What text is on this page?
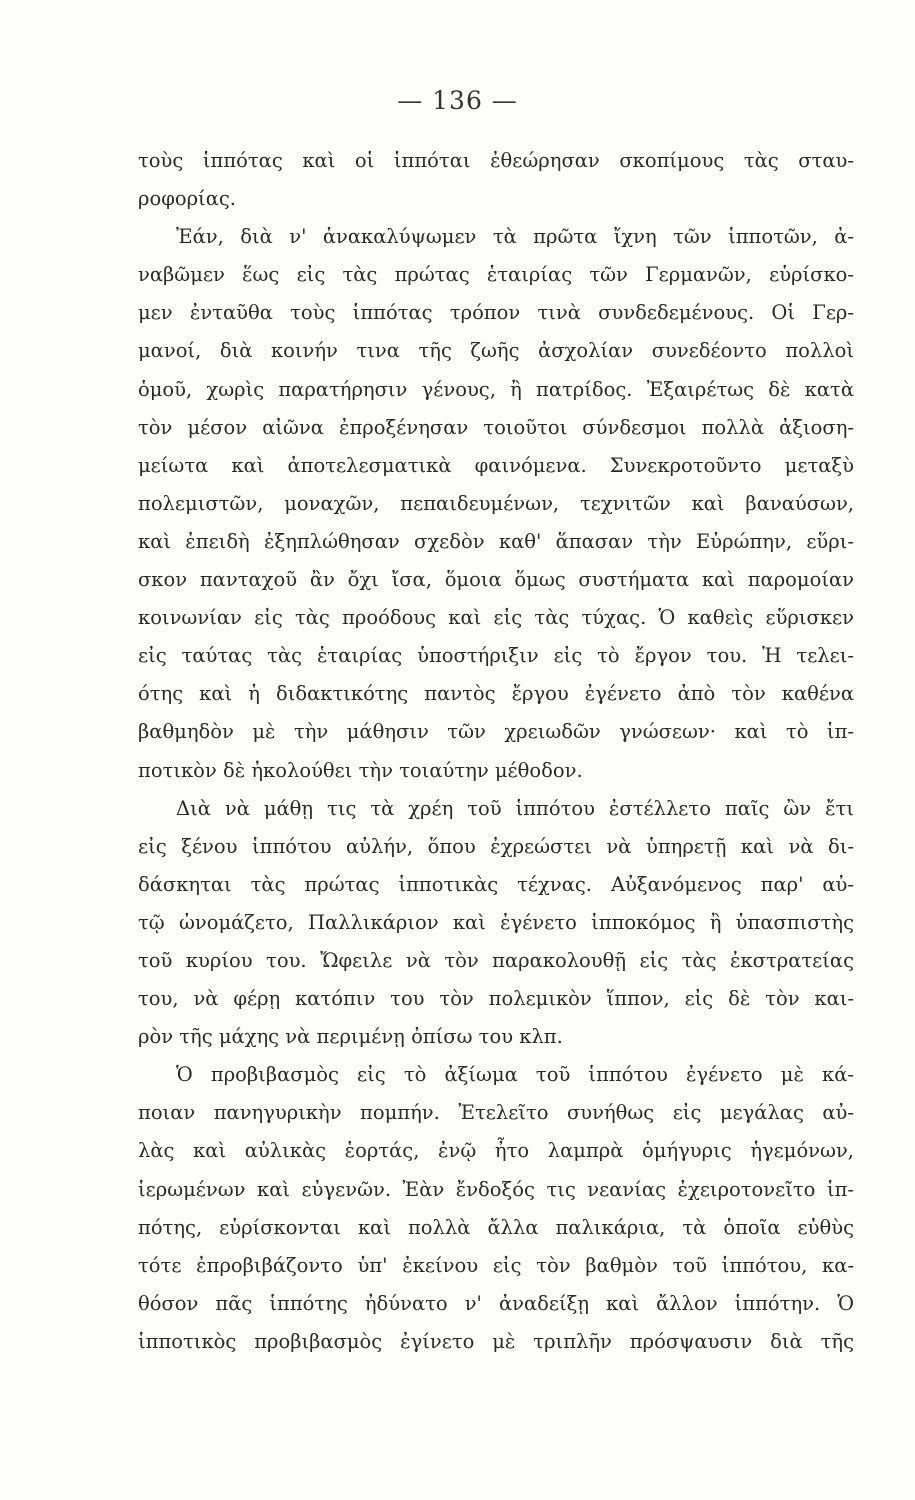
— 136 —
τοὺς ἱππότας καὶ οἱ ἱππόται ἐθεώρησαν σκοπίμους τὰς σταυ-
ροφορίας.
Ἐάν, διὰ ν' ἀνακαλύψωμεν τὰ πρῶτα ἴχνη τῶν ἱπποτῶν, ἀ-
ναβῶμεν ἕως εἰς τὰς πρώτας ἑταιρίας τῶν Γερμανῶν, εὑρίσκο-
μεν ἐνταῦθα τοὺς ἱππότας τρόπον τινὰ συνδεδεμένους. Οἱ Γερ-
μανοί, διὰ κοινήν τινα τῆς ζωῆς ἀσχολίαν συνεδέοντο πολλοὶ
ὁμοῦ, χωρὶς παρατήρησιν γένους, ἢ πατρίδος. Ἐξαιρέτως δὲ κατὰ
τὸν μέσον αἰῶνα ἐπροξένησαν τοιοῦτοι σύνδεσμοι πολλὰ ἀξιοση-
μείωτα καὶ ἀποτελεσματικὰ φαινόμενα. Συνεκροτοῦντο μεταξὺ
πολεμιστῶν, μοναχῶν, πεπαιδευμένων, τεχνιτῶν καὶ βαναύσων,
καὶ ἐπειδὴ ἐξηπλώθησαν σχεδὸν καθ' ἅπασαν τὴν Εὐρώπην, εὕρι-
σκον πανταχοῦ ἂν ὄχι ἴσα, ὅμοια ὅμως συστήματα καὶ παρομοίαν
κοινωνίαν εἰς τὰς προόδους καὶ εἰς τὰς τύχας. Ὁ καθεὶς εὕρισκεν
εἰς ταύτας τὰς ἑταιρίας ὑποστήριξιν εἰς τὸ ἔργον του. Ἡ τελει-
ότης καὶ ἡ διδακτικότης παντὸς ἔργου ἐγένετο ἀπὸ τὸν καθένα
βαθμηδὸν μὲ τὴν μάθησιν τῶν χρειωδῶν γνώσεων· καὶ τὸ ἱπ-
ποτικὸν δὲ ἠκολούθει τὴν τοιαύτην μέθοδον.
Διὰ νὰ μάθῃ τις τὰ χρέη τοῦ ἱππότου ἐστέλλετο παῖς ὢν ἔτι
εἰς ξένου ἱππότου αὐλήν, ὅπου ἐχρεώστει νὰ ὑπηρετῇ καὶ νὰ δι-
δάσκηται τὰς πρώτας ἱπποτικὰς τέχνας. Αὐξανόμενος παρ' αὐ-
τῷ ὠνομάζετο, Παλλικάριον καὶ ἐγένετο ἱπποκόμος ἢ ὑπασπιστὴς
τοῦ κυρίου του. Ὤφειλε νὰ τὸν παρακολουθῇ εἰς τὰς ἐκστρατείας
του, νὰ φέρῃ κατόπιν του τὸν πολεμικὸν ἵππον, εἰς δὲ τὸν και-
ρὸν τῆς μάχης νὰ περιμένῃ ὀπίσω του κλπ.
Ὁ προβιβασμὸς εἰς τὸ ἀξίωμα τοῦ ἱππότου ἐγένετο μὲ κά-
ποιαν πανηγυρικὴν πομπήν. Ἐτελεῖτο συνήθως εἰς μεγάλας αὐ-
λὰς καὶ αὐλικὰς ἑορτάς, ἐνῷ ἦτο λαμπρὰ ὁμήγυρις ἡγεμόνων,
ἱερωμένων καὶ εὐγενῶν. Ἐὰν ἔνδοξός τις νεανίας ἐχειροτονεῖτο ἱπ-
πότης, εὑρίσκονται καὶ πολλὰ ἄλλα παλικάρια, τὰ ὁποῖα εὐθὺς
τότε ἐπροβιβάζοντο ὑπ' ἐκείνου εἰς τὸν βαθμὸν τοῦ ἱππότου, κα-
θόσον πᾶς ἱππότης ἠδύνατο ν' ἀναδείξῃ καὶ ἄλλον ἱππότην. Ὁ
ἱπποτικὸς προβιβασμὸς ἐγίνετο μὲ τριπλῆν πρόσψαυσιν διὰ τῆς
